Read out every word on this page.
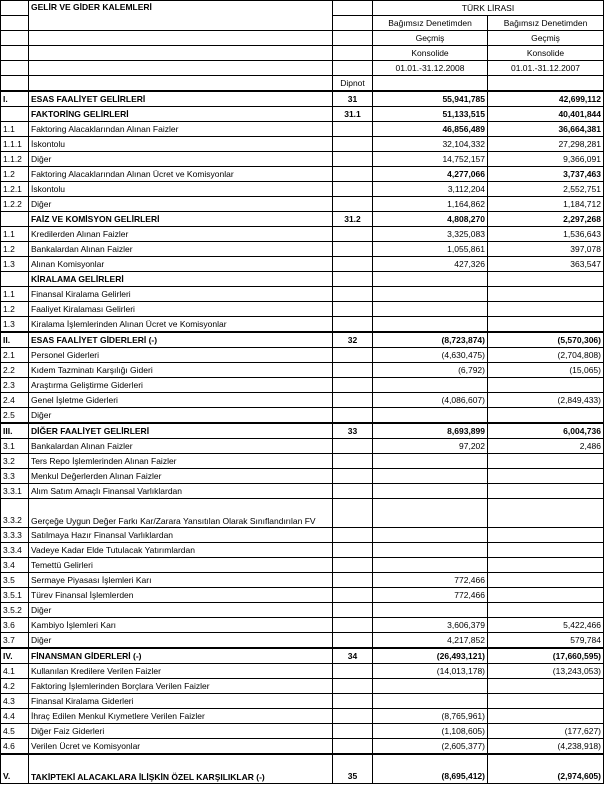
	GELİR VE GİDER KALEMLERİ		TÜRK LİRASI	
			Bağımsız Denetimden	Bağımsız Denetimden
			Geçmiş	Geçmiş
			Konsolide	Konsolide
			01.01.-31.12.2008	01.01.-31.12.2007
		Dipnot		
I.	ESAS FAALİYET GELİRLERİ	31	55,941,785	42,699,112
	FAKTORİNG GELİRLERİ	31.1	51,133,515	40,401,844
1.1	Faktoring Alacaklarından Alınan Faizler		46,856,489	36,664,381
1.1.1	İskontolu		32,104,332	27,298,281
1.1.2	Diğer		14,752,157	9,366,091
1.2	Faktoring Alacaklarından Alınan Ücret ve Komisyonlar		4,277,066	3,737,463
1.2.1	İskontolu		3,112,204	2,552,751
1.2.2	Diğer		1,164,862	1,184,712
	FAİZ VE KOMİSYON GELİRLERİ	31.2	4,808,270	2,297,268
1.1	Kredilerden Alınan Faizler		3,325,083	1,536,643
1.2	Bankalardan Alınan Faizler		1,055,861	397,078
1.3	Alınan Komisyonlar		427,326	363,547
	KİRALAMA GELİRLERİ			
1.1	Finansal Kiralama Gelirleri			
1.2	Faaliyet Kiralaması Gelirleri			
1.3	Kiralama İşlemlerinden Alınan Ücret ve Komisyonlar			
II.	ESAS FAALİYET GİDERLERİ (-)	32	(8,723,874)	(5,570,306)
2.1	Personel Giderleri		(4,630,475)	(2,704,808)
2.2	Kıdem Tazminatı Karşılığı Gideri		(6,792)	(15,065)
2.3	Araştırma Geliştirme Giderleri			
2.4	Genel İşletme Giderleri		(4,086,607)	(2,849,433)
2.5	Diğer			
III.	DİĞER FAALİYET GELİRLERİ	33	8,693,899	6,004,736
3.1	Bankalardan Alınan Faizler		97,202	2,486
3.2	Ters Repo İşlemlerinden Alınan Faizler			
3.3	Menkul Değerlerden Alınan Faizler			
3.3.1	Alım Satım Amaçlı Finansal Varlıklardan			
3.3.2	Gerçeğe Uygun Değer Farkı Kar/Zarara Yansıtılan Olarak Sınıflandırılan FV			
3.3.3	Satılmaya Hazır Finansal Varlıklardan			
3.3.4	Vadeye Kadar Elde Tutulacak Yatırımlardan			
3.4	Temettü Gelirleri			
3.5	Sermaye Piyasası İşlemleri Karı		772,466	
3.5.1	Türev Finansal İşlemlerden		772,466	
3.5.2	Diğer			
3.6	Kambiyo İşlemleri Karı		3,606,379	5,422,466
3.7	Diğer		4,217,852	579,784
IV.	FİNANSMAN GİDERLERİ (-)	34	(26,493,121)	(17,660,595)
4.1	Kullanılan Kredilere Verilen Faizler		(14,013,178)	(13,243,053)
4.2	Faktoring İşlemlerinden Borçlara Verilen Faizler			
4.3	Finansal Kiralama Giderleri			
4.4	İhraç Edilen Menkul Kıymetlere Verilen Faizler		(8,765,961)	
4.5	Diğer Faiz Giderleri		(1,108,605)	(177,627)
4.6	Verilen Ücret ve Komisyonlar		(2,605,377)	(4,238,918)
V.	TAKİPTEKİ ALACAKLARA İLİŞKİN ÖZEL KARŞILIKLAR (-)	35	(8,695,412)	(2,974,605)
